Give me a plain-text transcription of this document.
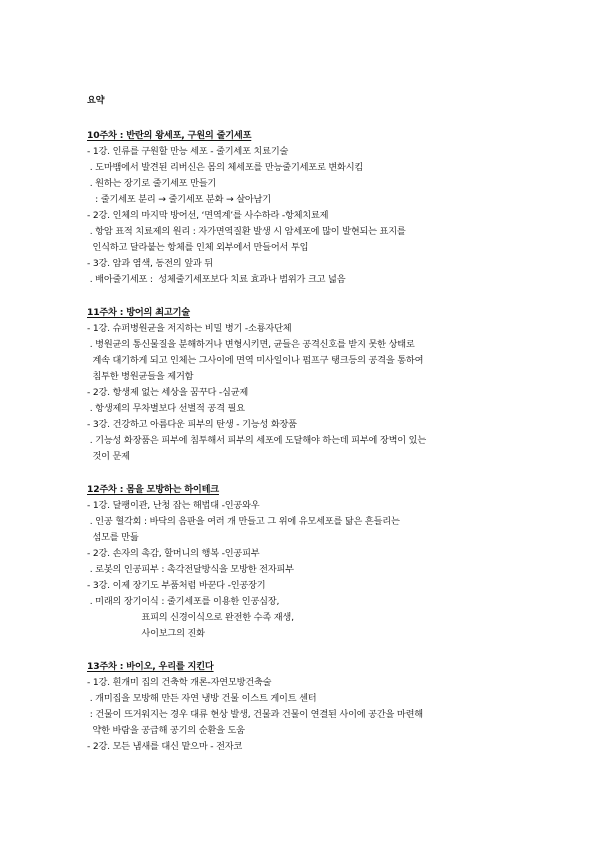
요약
10주차 : 반란의 왕세포, 구원의 줄기세포
- 1강. 인류를 구원할 만능 세포 - 줄기세포 치료기술
. 도마뱀에서 발견된 리버신은 몸의 체세포를 만능줄기세포로 변화시킴
. 원하는 장기로 줄기세포 만들기
: 줄기세포 분리 → 줄기세포 분화 → 살아남기
- 2강. 인체의 마지막 방어선, ‘면역계’를 사수하라 -항체치료제
. 항암 표적 치료제의 원리 : 자가면역질환 발생 시 암세포에 많이 발현되는 표지를
인식하고 달라붙는 항체를 인체 외부에서 만들어서 투입
- 3강. 암과 염색, 동전의 앞과 뒤
. 배아줄기세포 :  성체줄기세포보다 치료 효과나 범위가 크고 넓음
11주차 : 방어의 최고기술
- 1강. 슈퍼병원균을 저지하는 비밀 병기 -소룡자단체
. 병원균의 통신물질을 분해하거나 변형시키면, 균들은 공격신호를 받지 못한 상태로
계속 대기하게 되고 인체는 그사이에 면역 미사일이나 펌프구 탱크등의 공격을 통하여
침투한 병원균들을 제거함
- 2강. 항생제 없는 세상을 꿈꾸다 -심균제
. 항생제의 무차별보다 선별적 공격 필요
- 3강. 건강하고 아름다운 피부의 탄생 - 기능성 화장품
. 기능성 화장품은 피부에 침투해서 피부의 세포에 도달해야 하는데 피부에 장벽이 있는
것이 문제
12주차 : 몸을 모방하는 하이테크
- 1강. 달팽이관, 난청 잡는 해법대 -인공와우
. 인공 혈각회 : 바닥의 음판을 여러 개 만들고 그 위에 유모세포를 닮은 흔들리는
섬모를 만듦
- 2강. 손자의 촉감, 할머니의 행복 -인공피부
. 로봇의 인공피부 : 촉각전달방식을 모방한 전자피부
- 3강. 이제 장기도 부품처럼 바꾼다 -인공장기
. 미래의 장기이식 : 줄기세포를 이용한 인공심장,
표피의 신경이식으로 완전한 수족 재생,
사이보그의 진화
13주차 : 바이오, 우리를 지킨다
- 1강. 흰개미 집의 건축학 개론-자연모방건축술
. 개미집을 모방해 만든 자연 냉방 건물 이스트 게이트 센터
: 건물이 뜨거워지는 경우 대류 현상 발생, 건물과 건물이 연결된 사이에 공간을 마련해
약한 바람을 공급해 공기의 순환을 도움
- 2강. 모든 냄새를 대신 맡으마 - 전자코
